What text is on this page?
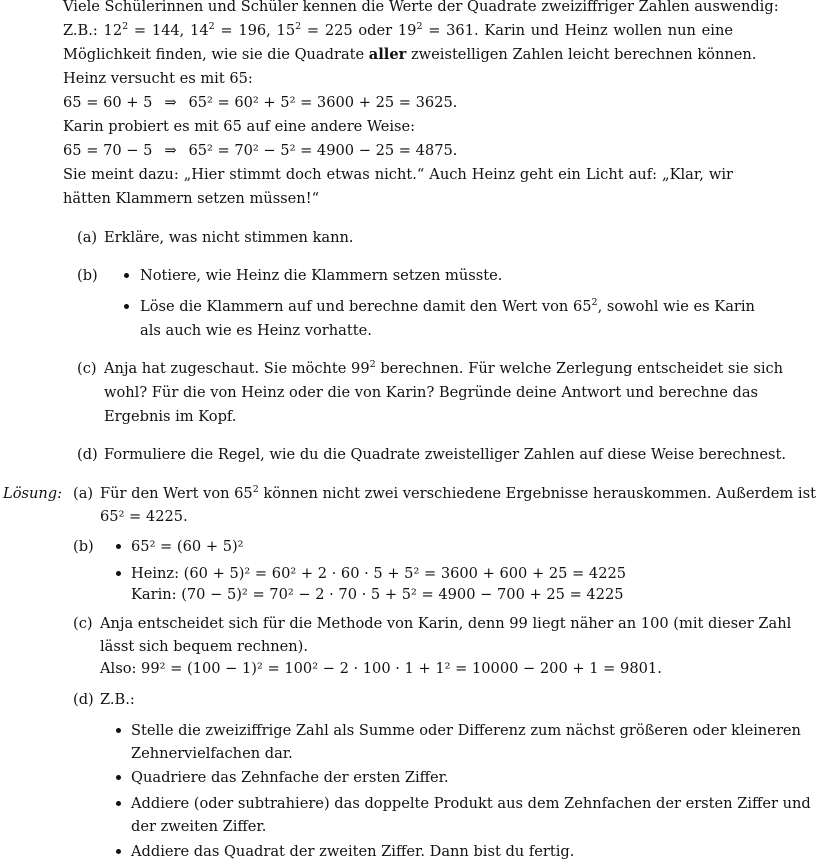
Viele Schülerinnen und Schüler kennen die Werte der Quadrate zweiziffriger Zahlen auswendig:
Z.B.: $12^2 = 144$, $14^2 = 196$, $15^2 = 225$ oder $19^2 = 361$. Karin und Heinz wollen nun eine
Möglichkeit finden, wie sie die Quadrate aller zweistelligen Zahlen leicht berechnen können.
Heinz versucht es mit 65:
65 = 60 + 5 ⇒ 65² = 60² + 5² = 3600 + 25 = 3625.
Karin probiert es mit 65 auf eine andere Weise:
65 = 70 − 5 ⇒ 65² = 70² − 5² = 4900 − 25 = 4875.
Sie meint dazu: „Hier stimmt doch etwas nicht.“ Auch Heinz geht ein Licht auf: „Klar, wir
hätten Klammern setzen müssen!“
(a) Erkläre, was nicht stimmen kann.
(b)	Notiere, wie Heinz die Klammern setzen müsste.
Löse die Klammern auf und berechne damit den Wert von $65^2$, sowohl wie es Karin
als auch wie es Heinz vorhatte.
(c) Anja hat zugeschaut. Sie möchte $99^2$ berechnen. Für welche Zerlegung entscheidet sie sich
wohl? Für die von Heinz oder die von Karin? Begründe deine Antwort und berechne das
Ergebnis im Kopf.
(d) Formuliere die Regel, wie du die Quadrate zweistelliger Zahlen auf diese Weise berechnest.
Lösung: (a) Für den Wert von $65^2$ können nicht zwei verschiedene Ergebnisse herauskommen. Außerdem ist
65² = 4225.
(b)	65² = (60 + 5)²
Heinz: (60 + 5)² = 60² + 2 · 60 · 5 + 5² = 3600 + 600 + 25 = 4225
Karin: (70 − 5)² = 70² − 2 · 70 · 5 + 5² = 4900 − 700 + 25 = 4225
(c) Anja entscheidet sich für die Methode von Karin, denn 99 liegt näher an 100 (mit dieser Zahl
lässt sich bequem rechnen).
Also: 99² = (100 − 1)² = 100² − 2 · 100 · 1 + 1² = 10000 − 200 + 1 = 9801.
(d) Z.B.:
Stelle die zweiziffrige Zahl als Summe oder Differenz zum nächst größeren oder kleineren
Zehnervielfachen dar.
Quadriere das Zehnfache der ersten Ziffer.
Addiere (oder subtrahiere) das doppelte Produkt aus dem Zehnfachen der ersten Ziffer und
der zweiten Ziffer.
Addiere das Quadrat der zweiten Ziffer. Dann bist du fertig.
